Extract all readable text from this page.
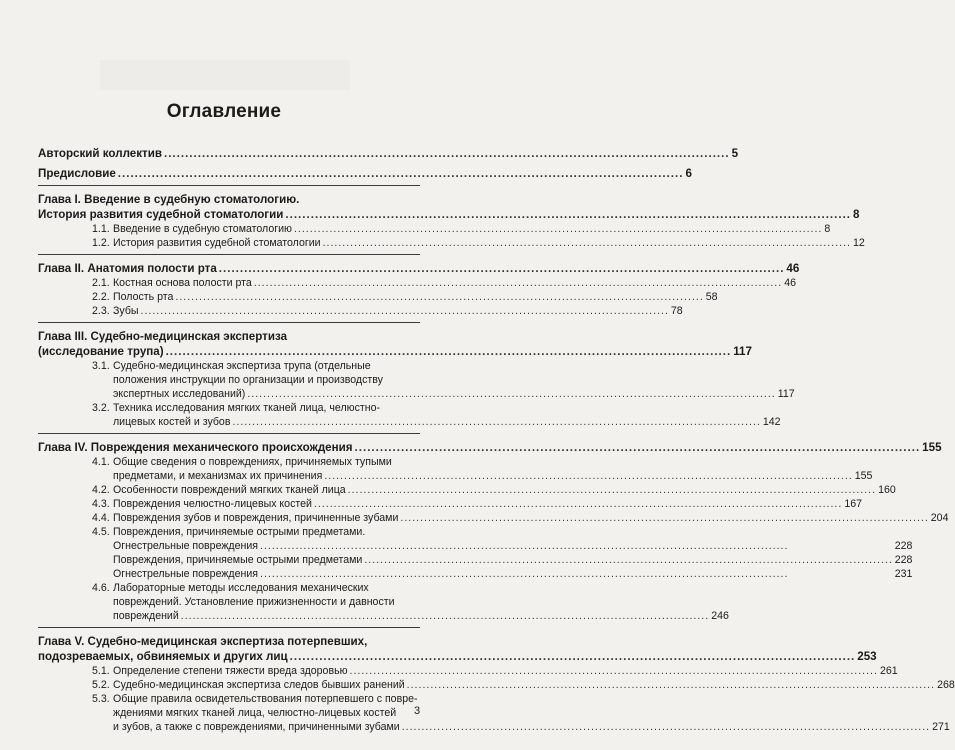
Оглавление
Авторский коллектив ...................................................................................................................................... 5
Предисловие ...................................................................................................................................... 6
Глава I. Введение в судебную стоматологию.
История развития судебной стоматологии ...................................................................................................................................... 8
1.1. Введение в судебную стоматологию ...................................................................................................................................... 8
1.2. История развития судебной стоматологии ...................................................................................................................................... 12
Глава II. Анатомия полости рта ...................................................................................................................................... 46
2.1. Костная основа полости рта ...................................................................................................................................... 46
2.2. Полость рта ...................................................................................................................................... 58
2.3. Зубы ...................................................................................................................................... 78
Глава III. Судебно-медицинская экспертиза
(исследование трупа) ...................................................................................................................................... 117
3.1. Судебно-медицинская экспертиза трупа (отдельные
положения инструкции по организации и производству
экспертных исследований) ...................................................................................................................................... 117
3.2. Техника исследования мягких тканей лица, челюстно-
лицевых костей и зубов ...................................................................................................................................... 142
Глава IV. Повреждения механического происхождения ...................................................................................................................................... 155
4.1. Общие сведения о повреждениях, причиняемых тупыми
предметами, и механизмах их причинения ...................................................................................................................................... 155
4.2. Особенности повреждений мягких тканей лица ...................................................................................................................................... 160
4.3. Повреждения челюстно-лицевых костей ...................................................................................................................................... 167
4.4. Повреждения зубов и повреждения, причиненные зубами ...................................................................................................................................... 204
4.5. Повреждения, причиняемые острыми предметами.
Огнестрельные повреждения ......................................................................................................................................	228
Повреждения, причиняемые острыми предметами ...................................................................................................................................... 228
Огнестрельные повреждения ......................................................................................................................................	231
4.6. Лабораторные методы исследования механических
повреждений. Установление прижизненности и давности
повреждений ...................................................................................................................................... 246
Глава V. Судебно-медицинская экспертиза потерпевших,
подозреваемых, обвиняемых и других лиц ...................................................................................................................................... 253
5.1. Определение степени тяжести вреда здоровью ...................................................................................................................................... 261
5.2. Судебно-медицинская экспертиза следов бывших ранений ...................................................................................................................................... 268
5.3. Общие правила освидетельствования потерпевшего с повре-
ждениями мягких тканей лица, челюстно-лицевых костей
и зубов, а также с повреждениями, причиненными зубами ...................................................................................................................................... 271
3
